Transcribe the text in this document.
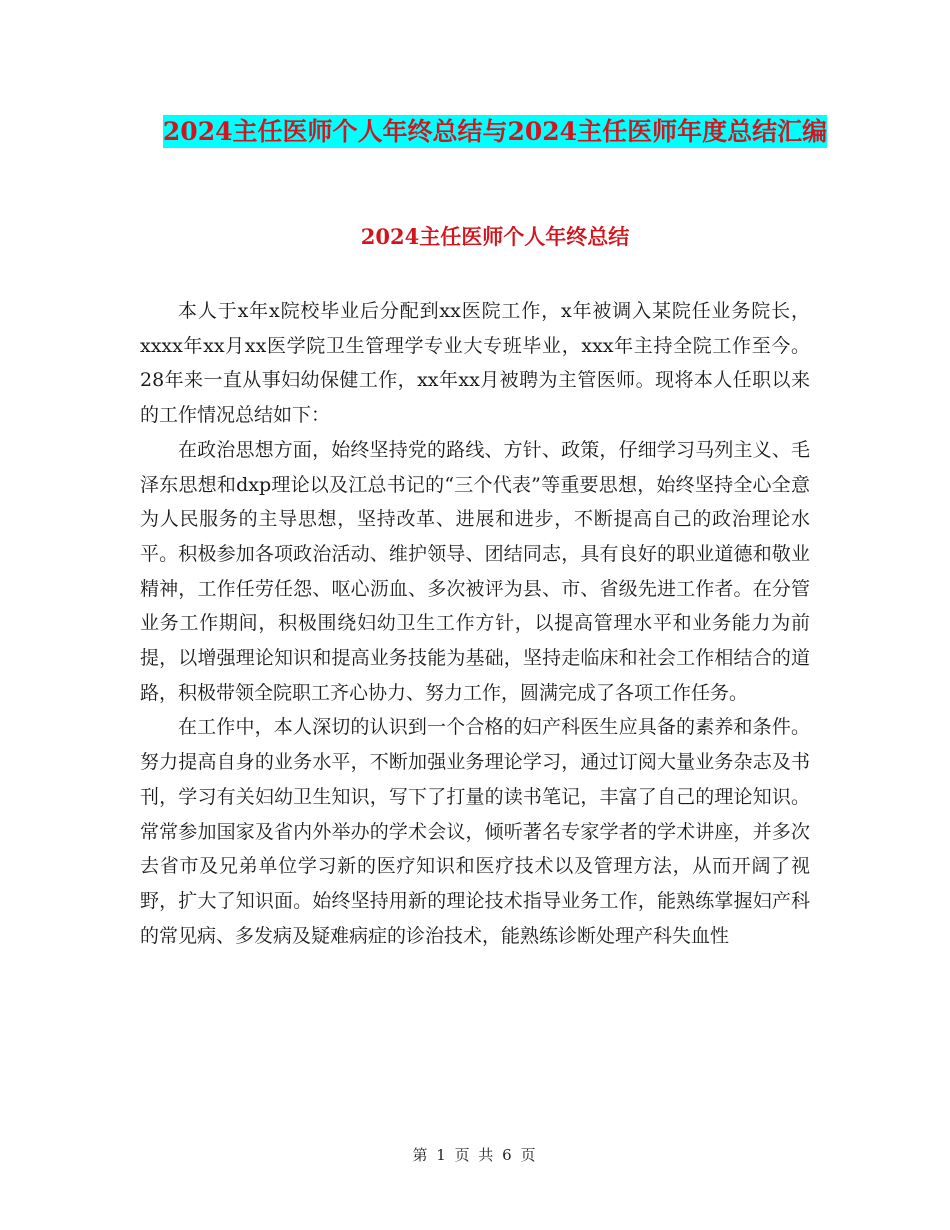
2024主任医师个人年终总结与2024主任医师年度总结汇编
2024主任医师个人年终总结

本人于x年x院校毕业后分配到xx医院工作，x年被调入某院任业务院长，xxxx年xx月xx医学院卫生管理学专业大专班毕业，xxx年主持全院工作至今。28年来一直从事妇幼保健工作，xx年xx月被聘为主管医师。现将本人任职以来的工作情况总结如下：

在政治思想方面，始终坚持党的路线、方针、政策，仔细学习马列主义、毛泽东思想和dxp理论以及江总书记的“三个代表”等重要思想，始终坚持全心全意为人民服务的主导思想，坚持改革、进展和进步，不断提高自己的政治理论水平。积极参加各项政治活动、维护领导、团结同志，具有良好的职业道德和敬业精神，工作任劳任怨、呕心沥血、多次被评为县、市、省级先进工作者。在分管业务工作期间，积极围绕妇幼卫生工作方针，以提高管理水平和业务能力为前提，以增强理论知识和提高业务技能为基础，坚持走临床和社会工作相结合的道路，积极带领全院职工齐心协力、努力工作，圆满完成了各项工作任务。

在工作中，本人深切的认识到一个合格的妇产科医生应具备的素养和条件。努力提高自身的业务水平，不断加强业务理论学习，通过订阅大量业务杂志及书刊，学习有关妇幼卫生知识，写下了打量的读书笔记，丰富了自己的理论知识。常常参加国家及省内外举办的学术会议，倾听著名专家学者的学术讲座，并多次去省市及兄弟单位学习新的医疗知识和医疗技术以及管理方法，从而开阔了视野，扩大了知识面。始终坚持用新的理论技术指导业务工作，能熟练掌握妇产科的常见病、多发病及疑难病症的诊治技术，能熟练诊断处理产科失血性

第 1 页 共 6 页
